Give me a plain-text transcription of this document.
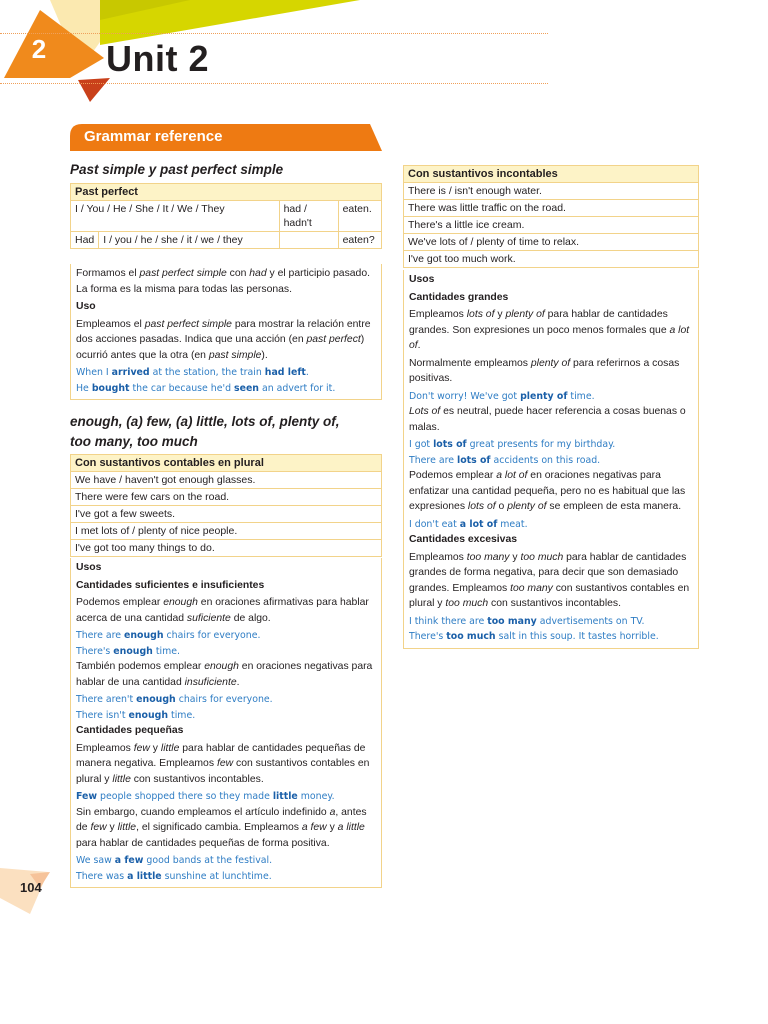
2 Unit 2
Grammar reference
Past simple y past perfect simple
Past perfect			
I / You / He / She / It / We / They		had / hadn't	eaten.
Had	I / you / he / she / it / we / they		eaten?

Formamos el past perfect simple con had y el participio pasado. La forma es la misma para todas las personas.

Uso

Empleamos el past perfect simple para mostrar la relación entre dos acciones pasadas. Indica que una acción (en past perfect) ocurrió antes que la otra (en past simple).

When I arrived at the station, the train had left.
He bought the car because he'd seen an advert for it.
enough, (a) few, (a) little, lots of, plenty of,
too many, too much
Con sustantivos contables en plural
We have / haven't got enough glasses.
There were few cars on the road.
I've got a few sweets.
I met lots of / plenty of nice people.
I've got too many things to do.

Usos

Cantidades suficientes e insuficientes

Podemos emplear enough en oraciones afirmativas para hablar acerca de una cantidad suficiente de algo.

There are enough chairs for everyone.
There's enough time.

También podemos emplear enough en oraciones negativas para hablar de una cantidad insuficiente.

There aren't enough chairs for everyone.
There isn't enough time.

Cantidades pequeñas

Empleamos few y little para hablar de cantidades pequeñas de manera negativa. Empleamos few con sustantivos contables en plural y little con sustantivos incontables.

Few people shopped there so they made little money.

Sin embargo, cuando empleamos el artículo indefinido a, antes de few y little, el significado cambia. Empleamos a few y a little para hablar de cantidades pequeñas de forma positiva.

We saw a few good bands at the festival.
There was a little sunshine at lunchtime.
Con sustantivos incontables
There is / isn't enough water.
There was little traffic on the road.
There's a little ice cream.
We've lots of / plenty of time to relax.
I've got too much work.

Usos

Cantidades grandes

Empleamos lots of y plenty of para hablar de cantidades grandes. Son expresiones un poco menos formales que a lot of.

Normalmente empleamos plenty of para referirnos a cosas positivas.

Don't worry! We've got plenty of time.

Lots of es neutral, puede hacer referencia a cosas buenas o malas.

I got lots of great presents for my birthday.
There are lots of accidents on this road.

Podemos emplear a lot of en oraciones negativas para enfatizar una cantidad pequeña, pero no es habitual que las expresiones lots of o plenty of se empleen de esta manera.

I don't eat a lot of meat.

Cantidades excesivas

Empleamos too many y too much para hablar de cantidades grandes de forma negativa, para decir que son demasiado grandes. Empleamos too many con sustantivos contables en plural y too much con sustantivos incontables.

I think there are too many advertisements on TV.
There's too much salt in this soup. It tastes horrible.
104
